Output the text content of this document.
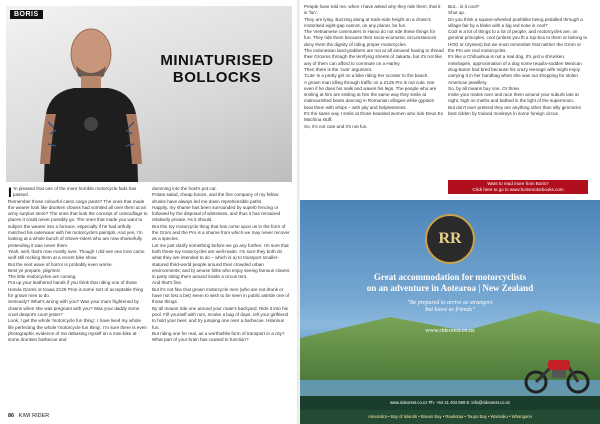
BORIS
MINIATURISED
BOLLOCKS
I 'm pleased that one of the more horrible motorcycle fads has passed.

Remember those colourful camo cargo pants? The ones that made the wearer look like drunken clowns had vomited all over them at an army surplus store? The ones that look the concept of camouflage to places it could never possibly go. The ones that made you want to subject the wearer into a furnace, especially if he had artfully matched his outerwear with his motorcycle's paintjob. And yes, I'm looking at a whole bunch of Glover-riders who are now shamefully pretending it was never them.

Yeah, well, that's now mostly over. Though I did see one lone camo wolf still rocking them at a recent bike show.

But the next wave of horror is probably even worse.

Best ye prepare, pilgrims!

The little motorcycles are coming.

Put up your leathered hands if you think that riding one of those Honda Groms or Kawa Z125 Pros is some sort of acceptable thing for grown men to do.

Seriously? What's wrong with you? Was your mum frightened by clowns when she was pregnant with you? Was your daddy some cruel despot's court jester?

Look, I get the whole 'motorcycle fun thing'. I have lived my whole life perfecting the whole 'motorcycle fun thing'. I'm sure there is even photographic evidence of me debasing myself on a mini-bike at some drunken barbecue and

damming into the host's pot cat.

Potato salad, cheap booze, and the fine company of my fellow drunks have always led me down reprehensible paths.

Happily, my shame has been surrounded by superb fencing or followed by the disposal of witnesses, and thus it has remained relatively private. As it should.

But this toy motorcycle thing that has come upon us in the form of the Grom and the Pro is a shame from which we may never recover as a species.

Let me just clarify something before we go any further. I'm sure that both these toy motorcycles are well-made. I'm sure they both do what they are intended to do – which is a) to transport smaller-statured third-world people around their crowded urban environments; and b) amuse folks who enjoy seeing famous clowns in party riding them around inside a circus tent.

And that's fine.

But it's not fine that grown motorcycle men (who are not drunk or have not lost a bet) seem to wish to be seen in public astride one of those things.

By all means ride one around your mate's backyard. Ride it into his pool. Fill yourself with rum, smoke a bag of dope, tell your girlfriend to hold your beer, and try jumping one over a barbecue. Hilarious fun.

But riding one for real, as a worthwhile form of transport in a city?

What part of your brain has ceased to function?

86 KIWI RIDER

People have told me, when I have asked why they ride them, that it is 'fun'.

They are lying. Buzzing along at track-side height on a clown's motorised eight-gap cannot, on any planet, be fun.

The Vietnamese commuters in Hanoi do not ride these things for fun. They ride them because their socio-economic circumstances deny them the dignity of riding proper motorcycles.

The Indonesian land-grabbers are not at all amused having to thread their Grooms through the terrifying streets of Jakarta, but it's not like any of them can afford to commute on a Harley.

Then there is the 'cute' argument.

'Cute' is a pretty girl on a bike riding her scooter to the beach.

A grown man idling through traffic on a Z125 Pro is not cute. Not even if he does his nails and waxes his legs. The people who are smiling at him are smiling at him the same way they smile at malnourished bears dancing in Romanian villages while gypsies beat them with whips – with pity and helplessness.

It's the same way I smile at those bearded women who ride Deus Ex Machina stuff.

So, it's not cute and it's not fun.

But... is it cool?

Shut up.

Do you think a square-wheeled pushbike being pedalled through a village fair by a bloke with a big red nose is cool?

Cool is a lot of things to a lot of people, and motorcycles are, on general principles, cool (unless you fit a top-box to them or belong to HOG or Ulysses) but we must remember that neither the Grom or the Pro are real motorcycles.

It's like a Chihuahua is not a real dog. It's just a shrunken, misshapen, approximation of a dog some tequila-sodden Mexican drug-baron had bred because his crazy teenage wife might enjoy carrying it in her handbag when she was out shopping for stolen American jewellery.

So, by all means buy one. Or three.

Invite your mates over and race them around your suburb late at night, high on meths and bathed in the light of the supermoon.

But don't ever pretend they are anything other than silly gimmicks best ridden by trained monkeys in some foreign circus.

Want to read more from Boris?
Click here to go to www.borismotorbooks.com
RR
Great accommodation for motorcyclists
on an adventure in Aotearoa | New Zealand
"Be prepared to arrive as strangers
but leave as friends"
www.rideorest.co.nz
www.rideorest.co.nz Ph: +64 21 404 669 E: info@rideorest.co.nz
Alexandra • Bay of Islands • Bream Bay • Raukotaa • Taupo Bay • Waimaku • Whangarei
